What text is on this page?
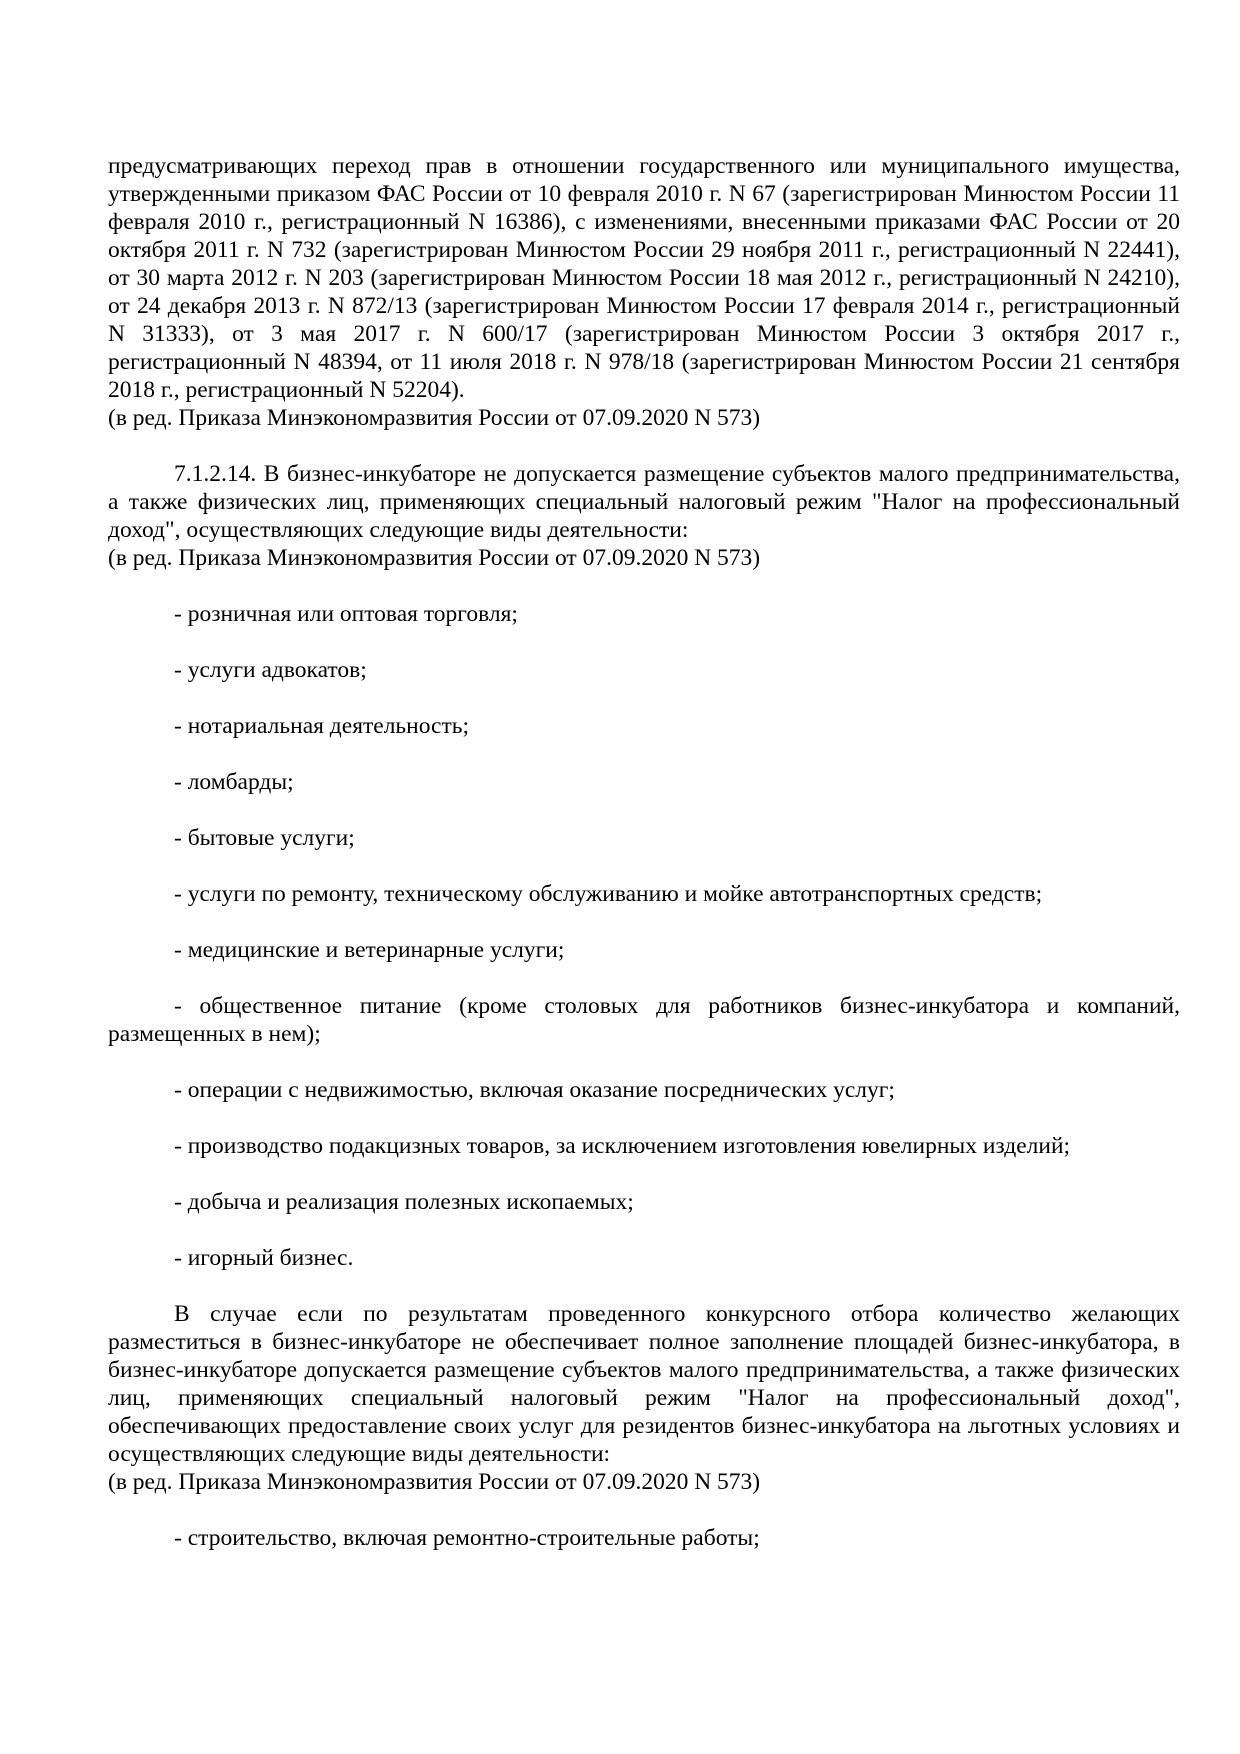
предусматривающих переход прав в отношении государственного или муниципального имущества, утвержденными приказом ФАС России от 10 февраля 2010 г. N 67 (зарегистрирован Минюстом России 11 февраля 2010 г., регистрационный N 16386), с изменениями, внесенными приказами ФАС России от 20 октября 2011 г. N 732 (зарегистрирован Минюстом России 29 ноября 2011 г., регистрационный N 22441), от 30 марта 2012 г. N 203 (зарегистрирован Минюстом России 18 мая 2012 г., регистрационный N 24210), от 24 декабря 2013 г. N 872/13 (зарегистрирован Минюстом России 17 февраля 2014 г., регистрационный N 31333), от 3 мая 2017 г. N 600/17 (зарегистрирован Минюстом России 3 октября 2017 г., регистрационный N 48394, от 11 июля 2018 г. N 978/18 (зарегистрирован Минюстом России 21 сентября 2018 г., регистрационный N 52204).

(в ред. Приказа Минэкономразвития России от 07.09.2020 N 573)

7.1.2.14. В бизнес-инкубаторе не допускается размещение субъектов малого предпринимательства, а также физических лиц, применяющих специальный налоговый режим "Налог на профессиональный доход", осуществляющих следующие виды деятельности:

(в ред. Приказа Минэкономразвития России от 07.09.2020 N 573)

- розничная или оптовая торговля;

- услуги адвокатов;

- нотариальная деятельность;

- ломбарды;

- бытовые услуги;

- услуги по ремонту, техническому обслуживанию и мойке автотранспортных средств;

- медицинские и ветеринарные услуги;

- общественное питание (кроме столовых для работников бизнес-инкубатора и компаний, размещенных в нем);

- операции с недвижимостью, включая оказание посреднических услуг;

- производство подакцизных товаров, за исключением изготовления ювелирных изделий;

- добыча и реализация полезных ископаемых;

- игорный бизнес.

В случае если по результатам проведенного конкурсного отбора количество желающих разместиться в бизнес-инкубаторе не обеспечивает полное заполнение площадей бизнес-инкубатора, в бизнес-инкубаторе допускается размещение субъектов малого предпринимательства, а также физических лиц, применяющих специальный налоговый режим "Налог на профессиональный доход", обеспечивающих предоставление своих услуг для резидентов бизнес-инкубатора на льготных условиях и осуществляющих следующие виды деятельности:

(в ред. Приказа Минэкономразвития России от 07.09.2020 N 573)

- строительство, включая ремонтно-строительные работы;
